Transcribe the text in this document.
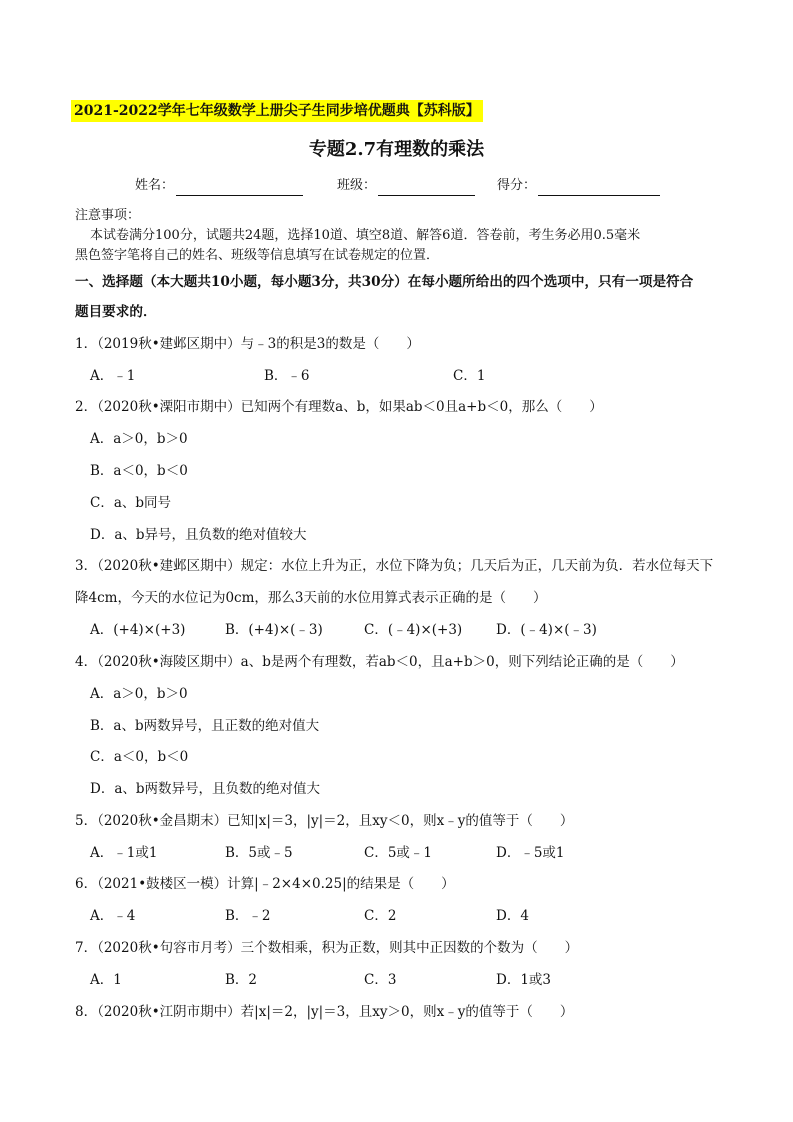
2021-2022学年七年级数学上册尖子生同步培优题典【苏科版】
专题2.7有理数的乘法
姓名：	班级：	得分：
注意事项：
本试卷满分100分，试题共24题，选择10道、填空8道、解答6道．答卷前，考生务必用0.5毫米
黑色签字笔将自己的姓名、班级等信息填写在试卷规定的位置．
一、选择题（本大题共10小题，每小题3分，共30分）在每小题所给出的四个选项中，只有一项是符合
题目要求的．
1．（2019秋•建邺区期中）与﹣3的积是3的数是（　　）
A．﹣1	B．﹣6	C．1
2．（2020秋•溧阳市期中）已知两个有理数a、b，如果ab＜0且a+b＜0，那么（　　）
A．a＞0，b＞0
B．a＜0，b＜0
C．a、b同号
D．a、b异号，且负数的绝对值较大
3．（2020秋•建邺区期中）规定：水位上升为正，水位下降为负；几天后为正，几天前为负．若水位每天下
降4cm，今天的水位记为0cm，那么3天前的水位用算式表示正确的是（　　）
A．(+4)×(+3)	B．(+4)×(﹣3)	C．(﹣4)×(+3)	D．(﹣4)×(﹣3)
4．（2020秋•海陵区期中）a、b是两个有理数，若ab＜0，且a+b＞0，则下列结论正确的是（　　）
A．a＞0，b＞0
B．a、b两数异号，且正数的绝对值大
C．a＜0，b＜0
D．a、b两数异号，且负数的绝对值大
5．（2020秋•金昌期末）已知|x|＝3，|y|＝2，且xy＜0，则x﹣y的值等于（　　）
A．﹣1或1	B．5或﹣5	C．5或﹣1	D．﹣5或1
6．（2021•鼓楼区一模）计算|﹣2×4×0.25|的结果是（　　）
A．﹣4	B．﹣2	C．2	D．4
7．（2020秋•句容市月考）三个数相乘，积为正数，则其中正因数的个数为（　　）
A．1	B．2	C．3	D．1或3
8．（2020秋•江阴市期中）若|x|＝2，|y|＝3，且xy＞0，则x﹣y的值等于（　　）
